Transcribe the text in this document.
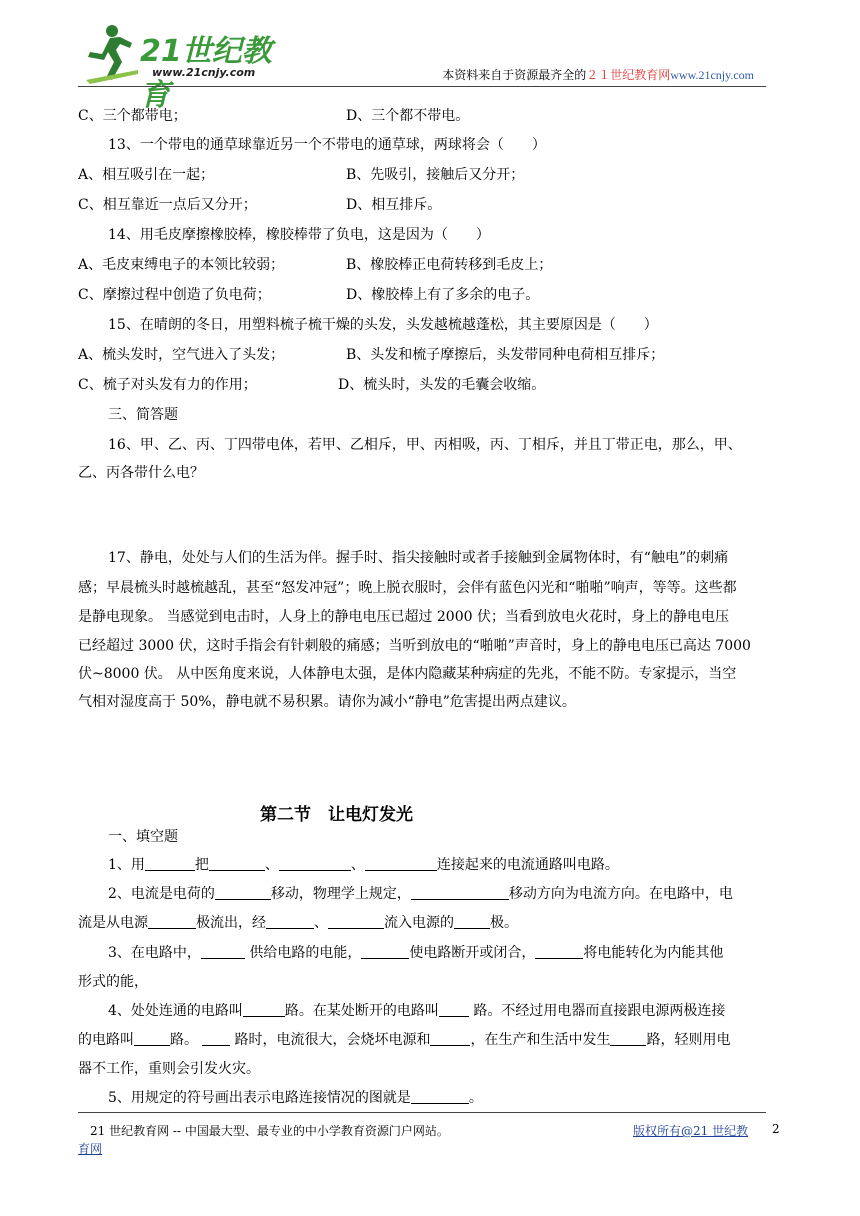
21世纪教育
www.21cnjy.com	本资料来自于资源最齐全的２１世纪教育网www.21cnjy.com
C、三个都带电；	D、三个都不带电。
13、一个带电的通草球靠近另一个不带电的通草球，两球将会（　　）
A、相互吸引在一起；	B、先吸引，接触后又分开；
C、相互靠近一点后又分开；	D、相互排斥。
14、用毛皮摩擦橡胶棒，橡胶棒带了负电，这是因为（　　）
A、毛皮束缚电子的本领比较弱；	B、橡胶棒正电荷转移到毛皮上；
C、摩擦过程中创造了负电荷；	D、橡胶棒上有了多余的电子。
15、在晴朗的冬日，用塑料梳子梳干燥的头发，头发越梳越蓬松，其主要原因是（　　）
A、梳头发时，空气进入了头发；	B、头发和梳子摩擦后，头发带同种电荷相互排斥；
C、梳子对头发有力的作用；	D、梳头时，头发的毛囊会收缩。
三、简答题
16、甲、乙、丙、丁四带电体，若甲、乙相斥，甲、丙相吸，丙、丁相斥，并且丁带正电，那么，甲、
乙、丙各带什么电？
17、静电，处处与人们的生活为伴。握手时、指尖接触时或者手接触到金属物体时，有“触电”的刺痛
感；早晨梳头时越梳越乱，甚至“怒发冲冠”；晚上脱衣服时，会伴有蓝色闪光和“啪啪”响声，等等。这些都
是静电现象。 当感觉到电击时，人身上的静电电压已超过 2000 伏；当看到放电火花时，身上的静电电压
已经超过 3000 伏，这时手指会有针刺般的痛感；当听到放电的“啪啪”声音时，身上的静电电压已高达 7000
伏~8000 伏。 从中医角度来说，人体静电太强，是体内隐藏某种病症的先兆，不能不防。专家提示，当空
气相对湿度高于 50%，静电就不易积累。请你为减小“静电”危害提出两点建议。
第二节　让电灯发光
一、填空题
1、用	把	、	、	连接起来的电流通路叫电路。
2、电流是电荷的	移动，物理学上规定，	移动方向为电流方向。在电路中，电
流是从电源	极流出，经	、	流入电源的	极。
3、在电路中，	供给电路的电能，	使电路断开或闭合，	将电能转化为内能其他
形式的能，
4、处处连通的电路叫	路。在某处断开的电路叫 路。不经过用电器而直接跟电源两极连接
的电路叫	路。 路时，电流很大，会烧坏电源和	，在生产和生活中发生	路，轻则用电
器不工作，重则会引发火灾。
5、用规定的符号画出表示电路连接情况的图就是	。
21 世纪教育网 -- 中国最大型、最专业的中小学教育资源门户网站。	版权所有@21 世纪教
育网
2
